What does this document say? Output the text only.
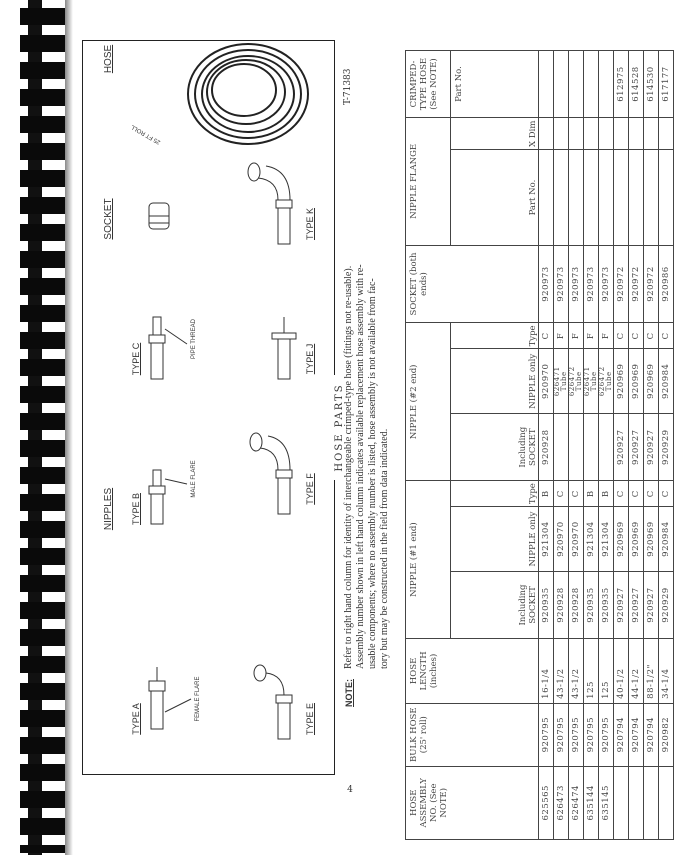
NIPPLES
SOCKET
HOSE
TYPE A
TYPE B
TYPE C
FEMALE FLARE
MALE FLARE
PIPE THREAD
25 FT ROLL
TYPE E
TYPE F
TYPE J
TYPE K
HOSE PARTS
NOTE:
Refer to right hand column for identity of interchangeable crimped-type hose (fittings not re-usable). Assembly number shown in left hand column indicates available replacement hose assembly with re- usable components; where no assembly number is listed, hose assembly is not available from fac- tory but may be constructed in the field from data indicated.
T-71383
4	HOSE ASSEMBLY NO. (See NOTE)	BULK HOSE (25' roll)	HOSE LENGTH (inches)	NIPPLE (#1 end)			NIPPLE (#2 end)			SOCKET (both ends)	NIPPLE FLANGE		CRIMPED-TYPE HOSE (See NOTE)
			Including SOCKET	NIPPLE only	Type	Including SOCKET	NIPPLE only	Type		Part No.	X Dim	Part No.
625565	920795	16-1/4	920935	921304	B	920928	920970	C	920973			
626473	920795	43-1/2	920928	920970	C		626471 Tube	F	920973			
626474	920795	43-1/2	920928	920970	C		626472 Tube	F	920973			
635144	920795	125	920935	921304	B		626471 Tube	F	920973			
635145	920795	125	920935	921304	B		626472 Tube	F	920973			
	920794	40-1/2	920927	920969	C	920927	920969	C	920972			612975
	920794	44-1/2	920927	920969	C	920927	920969	C	920972			614528
	920794	88-1/2"	920927	920969	C	920927	920969	C	920972			614530
	920982	34-1/4	920929	920984	C	920929	920984	C	920986			617177
